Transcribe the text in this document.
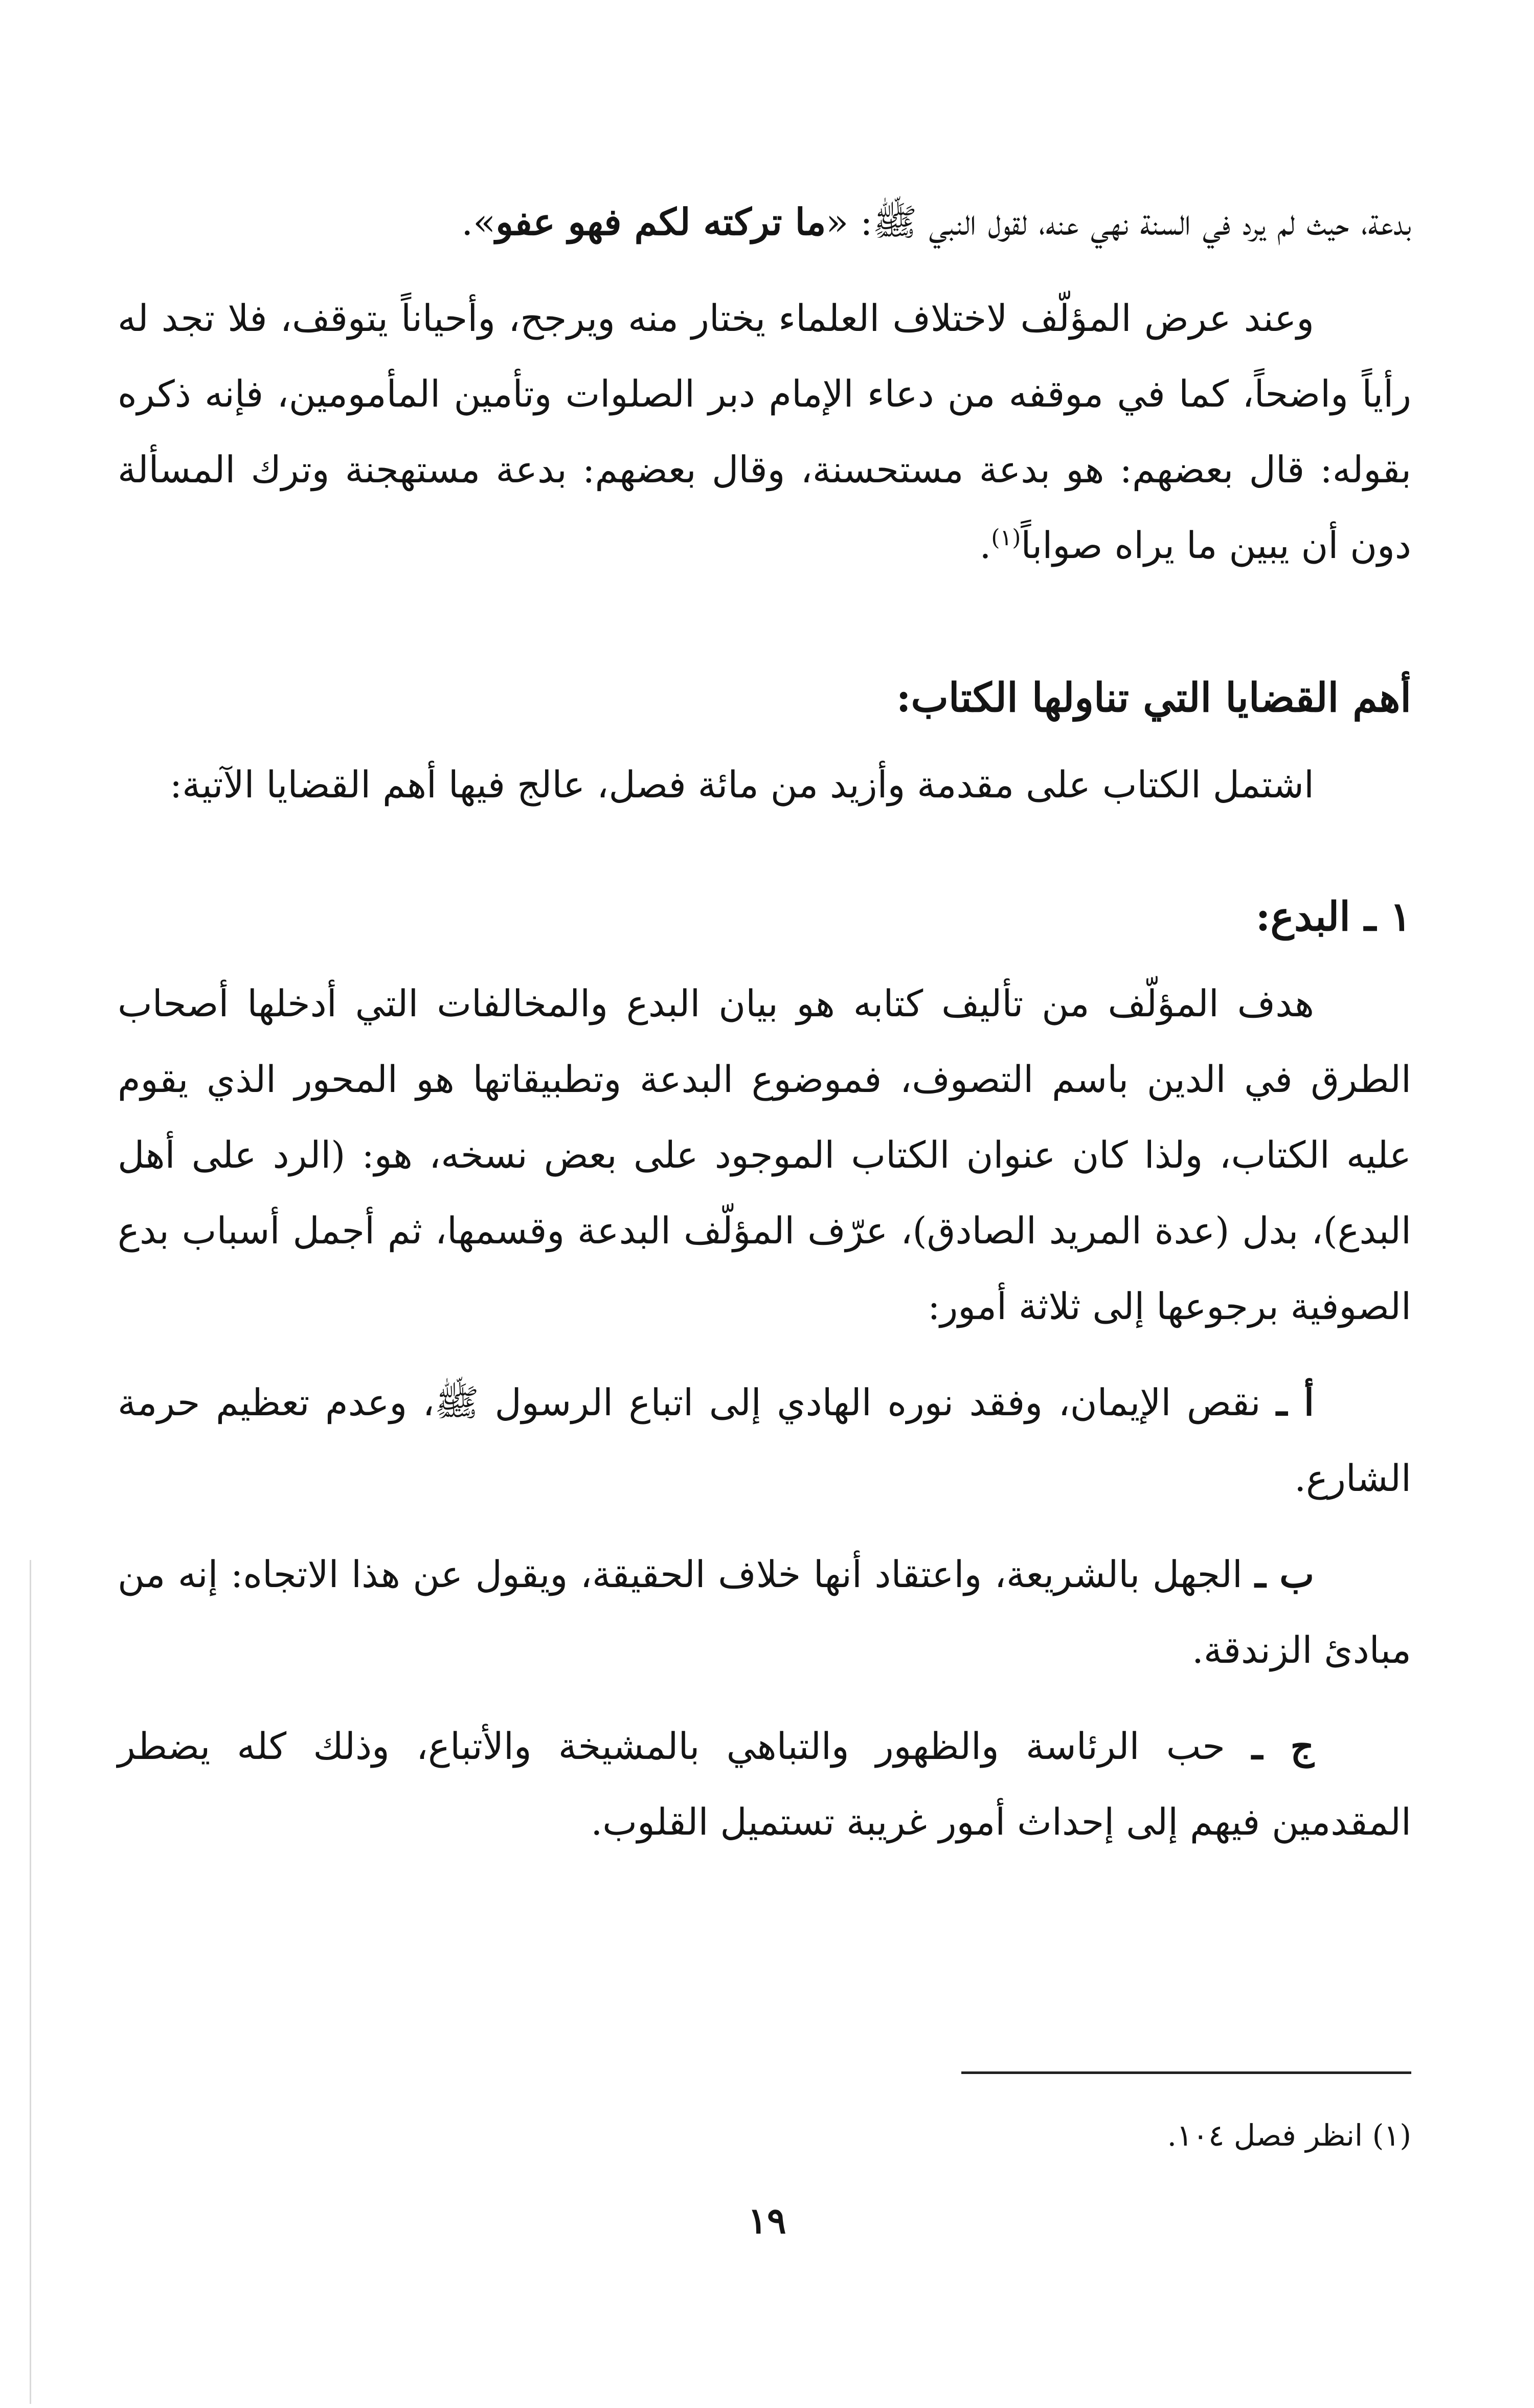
بدعة، حيث لم يرد في السنة نهي عنه، لقول النبي ﷺ: «ما تركته لكم فهو عفو».

وعند عرض المؤلّف لاختلاف العلماء يختار منه ويرجح، وأحياناً يتوقف، فلا تجد له رأياً واضحاً، كما في موقفه من دعاء الإمام دبر الصلوات وتأمين المأمومين، فإنه ذكره بقوله: قال بعضهم: هو بدعة مستحسنة، وقال بعضهم: بدعة مستهجنة وترك المسألة دون أن يبين ما يراه صواباً$^{(١)}$.

أهم القضايا التي تناولها الكتاب:

اشتمل الكتاب على مقدمة وأزيد من مائة فصل، عالج فيها أهم القضايا الآتية:

١ ـ البدع:

هدف المؤلّف من تأليف كتابه هو بيان البدع والمخالفات التي أدخلها أصحاب الطرق في الدين باسم التصوف، فموضوع البدعة وتطبيقاتها هو المحور الذي يقوم عليه الكتاب، ولذا كان عنوان الكتاب الموجود على بعض نسخه، هو: (الرد على أهل البدع)، بدل (عدة المريد الصادق)، عرّف المؤلّف البدعة وقسمها، ثم أجمل أسباب بدع الصوفية برجوعها إلى ثلاثة أمور:

أ ـ نقص الإيمان، وفقد نوره الهادي إلى اتباع الرسول ﷺ، وعدم تعظيم حرمة الشارع.

ب ـ الجهل بالشريعة، واعتقاد أنها خلاف الحقيقة، ويقول عن هذا الاتجاه: إنه من مبادئ الزندقة.

ج ـ حب الرئاسة والظهور والتباهي بالمشيخة والأتباع، وذلك كله يضطر المقدمين فيهم إلى إحداث أمور غريبة تستميل القلوب.

(١) انظر فصل ١٠٤.
١٩
